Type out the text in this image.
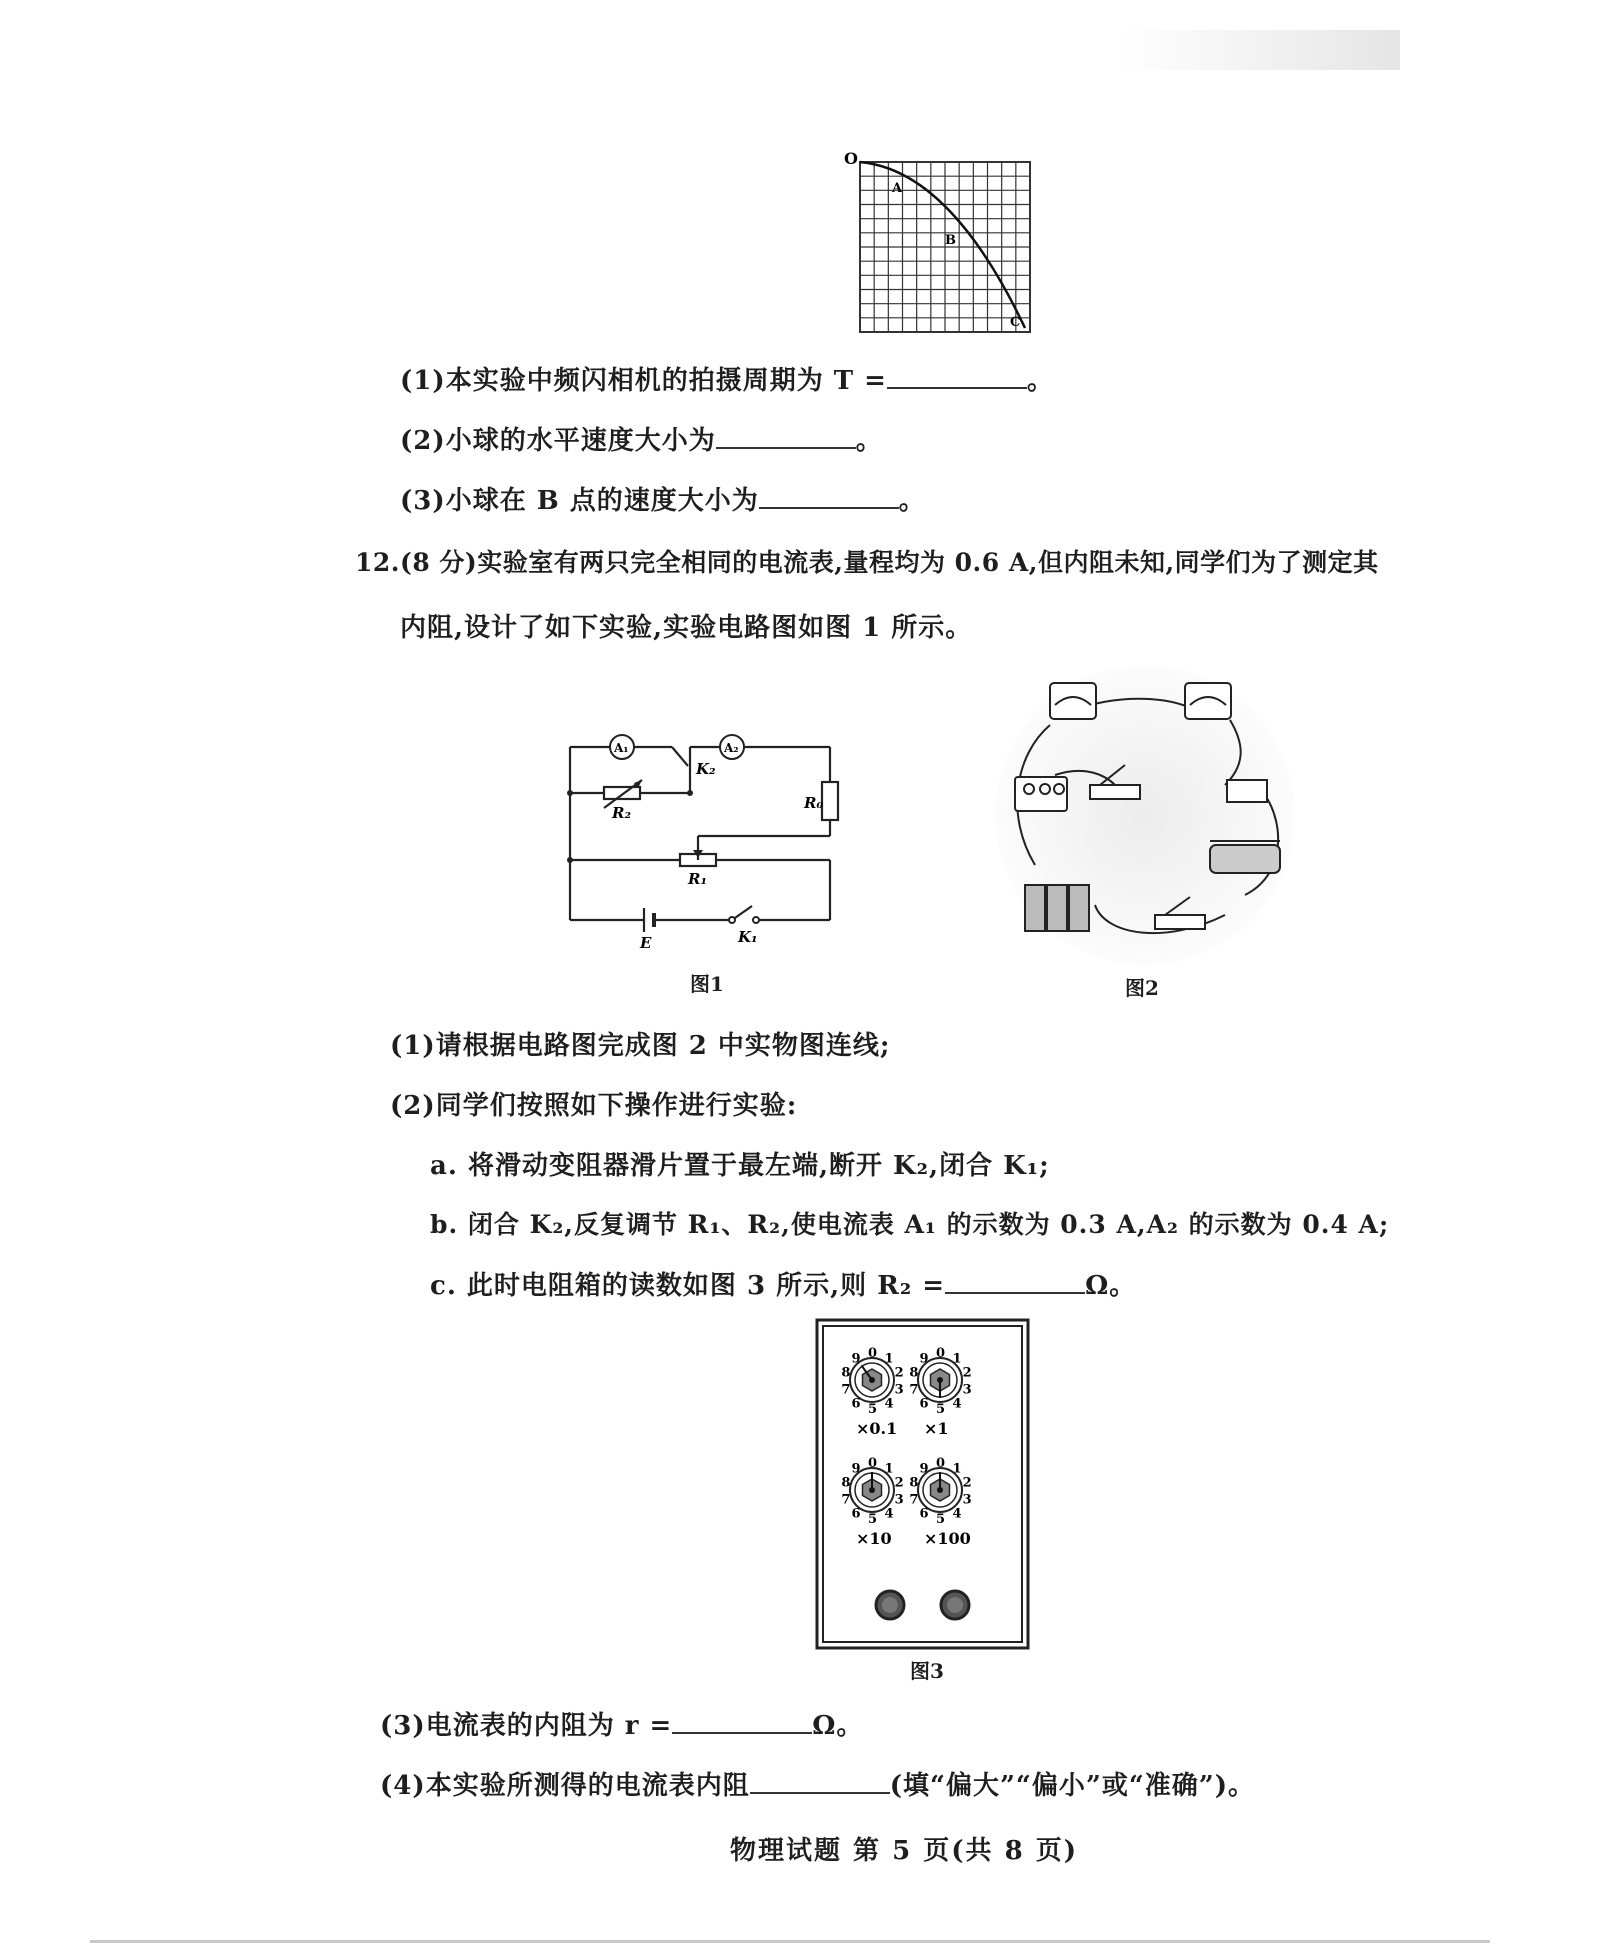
O
A
B
C
(1)本实验中频闪相机的拍摄周期为 T =	。
(2)小球的水平速度大小为	。
(3)小球在 B 点的速度大小为	。
12.(8 分)实验室有两只完全相同的电流表,量程均为 0.6 A,但内阻未知,同学们为了测定其
内阻,设计了如下实验,实验电路图如图 1 所示。
A₁	A₂
K₂
R₂
R₀
R₁
E	K₁
图1	图2
(1)请根据电路图完成图 2 中实物图连线;
(2)同学们按照如下操作进行实验:
a. 将滑动变阻器滑片置于最左端,断开 K₂,闭合 K₁;
b. 闭合 K₂,反复调节 R₁、R₂,使电流表 A₁ 的示数为 0.3 A,A₂ 的示数为 0.4 A;
c. 此时电阻箱的读数如图 3 所示,则 R₂ =	Ω。
0 1
2
3
4
5
6
7
8
9
×0.1
0 1
2
3
4
5
6
7
8
9
×1
0 1
2
3
4
5
6
7
8
9
×10
0 1
2
3
4
5
6
7
8
9
×100
图3
(3)电流表的内阻为 r =	Ω。
(4)本实验所测得的电流表内阻	(填“偏大”“偏小”或“准确”)。
物理试题 第 5 页(共 8 页)
